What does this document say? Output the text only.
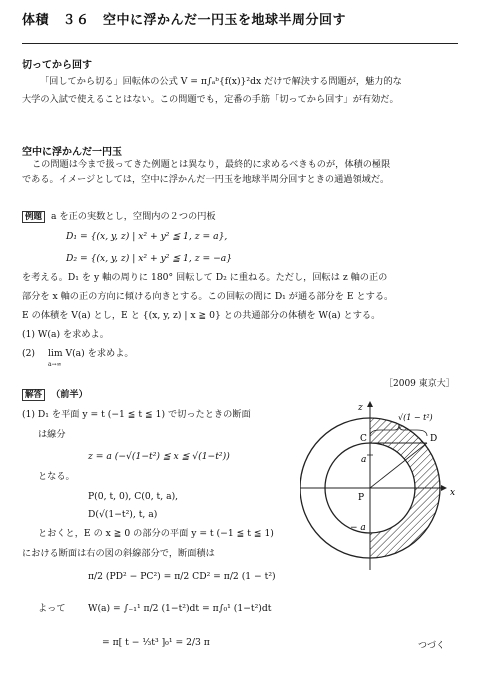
体積　３６　空中に浮かんだ一円玉を地球半周分回す
切ってから回す
「回してから切る」回転体の公式 V = π∫ₐᵇ{f(x)}²dx だけで解決する問題が，魅力的な
大学の入試で使えることはない。この問題でも，定番の手筋「切ってから回す」が有効だ。
空中に浮かんだ一円玉
この問題は今まで扱ってきた例題とは異なり，最終的に求めるべきものが，体積の極限
である。イメージとしては，空中に浮かんだ一円玉を地球半周分回すときの通過領域だ。
例題 a を正の実数とし，空間内の２つの円板
D₁ = {(x, y, z) | x² + y² ≦ 1, z = a},
D₂ = {(x, y, z) | x² + y² ≦ 1, z = −a}
を考える。D₁ を y 軸の周りに 180° 回転して D₂ に重ねる。ただし，回転は z 軸の正の
部分を x 軸の正の方向に傾ける向きとする。この回転の間に D₁ が通る部分を E とする。
E の体積を V(a) とし，E と {(x, y, z) | x ≧ 0} との共通部分の体積を W(a) とする。
(1) W(a) を求めよ。
(2) lim V(a) を求めよ。
a→∞
［2009 東京大］
解答 （前半）
(1) D₁ を平面 y = t (−1 ≦ t ≦ 1) で切ったときの断面
は線分
z = a (−√(1−t²) ≦ x ≦ √(1−t²))
となる。
P(0, t, 0), C(0, t, a),
D(√(1−t²), t, a)
とおくと，E の x ≧ 0 の部分の平面 y = t (−1 ≦ t ≦ 1)
における断面は右の図の斜線部分で，断面積は
π/2 (PD² − PC²) = π/2 CD² = π/2 (1 − t²)
よって W(a) = ∫₋₁¹ π/2 (1−t²)dt = π∫₀¹ (1−t²)dt
= π[ t − ⅓t³ ]₀¹ = 2/3 π	つづく
√(1 − t²)
z
x
C	D
a
P
− a
